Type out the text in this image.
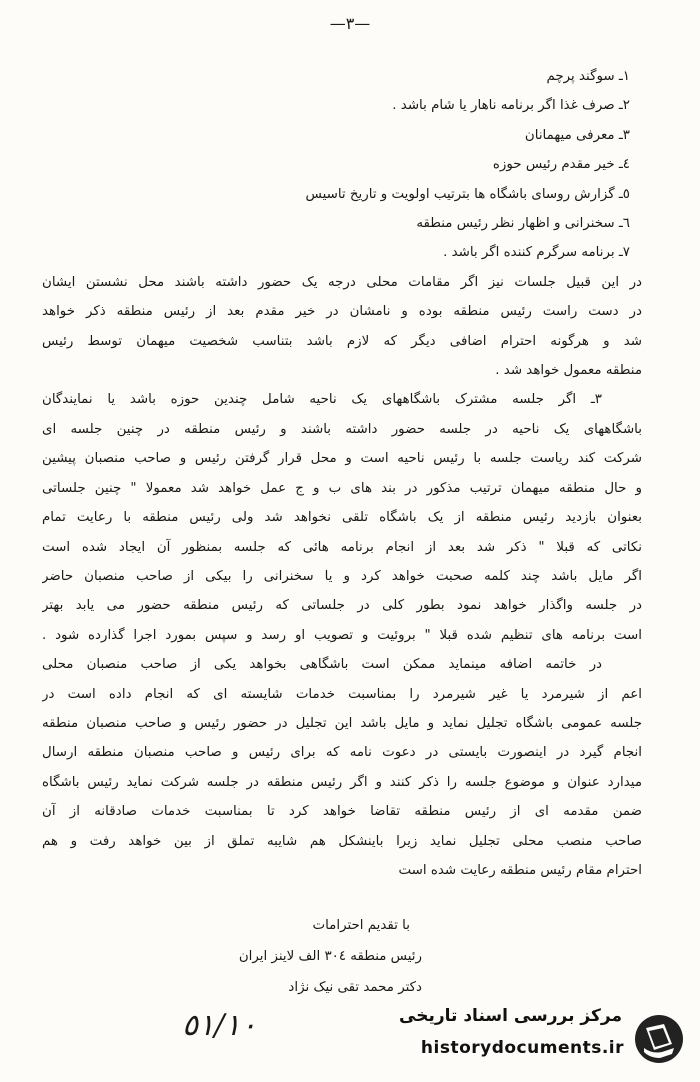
—٣—
١ـ سوگند پرچم
٢ـ صرف غذا اگر برنامه ناهار یا شام باشد .
٣ـ معرفی میهمانان
٤ـ خیر مقدم رئیس حوزه
٥ـ گزارش روسای باشگاه ها بترتیب اولویت و تاریخ تاسیس
٦ـ سخنرانی و اظهار نظر رئیس منطقه
٧ـ برنامه سرگرم کننده اگر باشد .
در این قبیل جلسات نیز اگر مقامات محلی درجه یک حضور داشته باشند محل نشستن ایشان
در دست راست رئیس منطقه بوده و نامشان در خیر مقدم بعد از رئیس منطقه ذکر خواهد
شد و هرگونه احترام اضافی دیگر که لازم باشد بتناسب شخصیت میهمان توسط رئیس
منطقه معمول خواهد شد .
٣ـ اگر جلسه مشترک باشگاههای یک ناحیه شامل چندین حوزه باشد یا نمایندگان
باشگاههای یک ناحیه در جلسه حضور داشته باشند و رئیس منطقه در چنین جلسه ای
شرکت کند ریاست جلسه با رئیس ناحیه است و محل قرار گرفتن رئیس و صاحب منصبان پیشین
و حال منطقه میهمان ترتیب مذکور در بند های ب و ج عمل خواهد شد معمولا " چنین جلساتی
بعنوان بازدید رئیس منطقه از یک باشگاه تلقی نخواهد شد ولی رئیس منطقه با رعایت تمام
نکاتی که قبلا " ذکر شد بعد از انجام برنامه هائی که جلسه بمنظور آن ایجاد شده است
اگر مایل باشد چند کلمه صحبت خواهد کرد و یا سخنرانی را بیکی از صاحب منصبان حاضر
در جلسه واگذار خواهد نمود بطور کلی در جلساتی که رئیس منطقه حضور می یابد بهتر
است برنامه های تنظیم شده قبلا " بروئیت و تصویب او رسد و سپس بمورد اجرا گذارده شود .
در خاتمه اضافه مینماید ممکن است باشگاهی بخواهد یکی از صاحب منصبان محلی
اعم از شیرمرد یا غیر شیرمرد را بمناسبت خدمات شایسته ای که انجام داده است در
جلسه عمومی باشگاه تجلیل نماید و مایل باشد این تجلیل در حضور رئیس و صاحب منصبان منطقه
انجام گیرد در اینصورت بایستی در دعوت نامه که برای رئیس و صاحب منصبان منطقه ارسال
میدارد عنوان و موضوع جلسه را ذکر کنند و اگر رئیس منطقه در جلسه شرکت نماید رئیس باشگاه
ضمن مقدمه ای از رئیس منطقه تقاضا خواهد کرد تا بمناسبت خدمات صادقانه از آن
صاحب منصب محلی تجلیل نماید زیرا باینشکل هم شایبه تملق از بین خواهد رفت و هم
احترام مقام رئیس منطقه رعایت شده است
با تقدیم احترامات
رئیس منطقه ٣٠٤ الف لاینز ایران
دکتر محمد تقی نیک نژاد
٥١/١٠	مرکز بررسی اسناد تاریخی
historydocuments.ir
